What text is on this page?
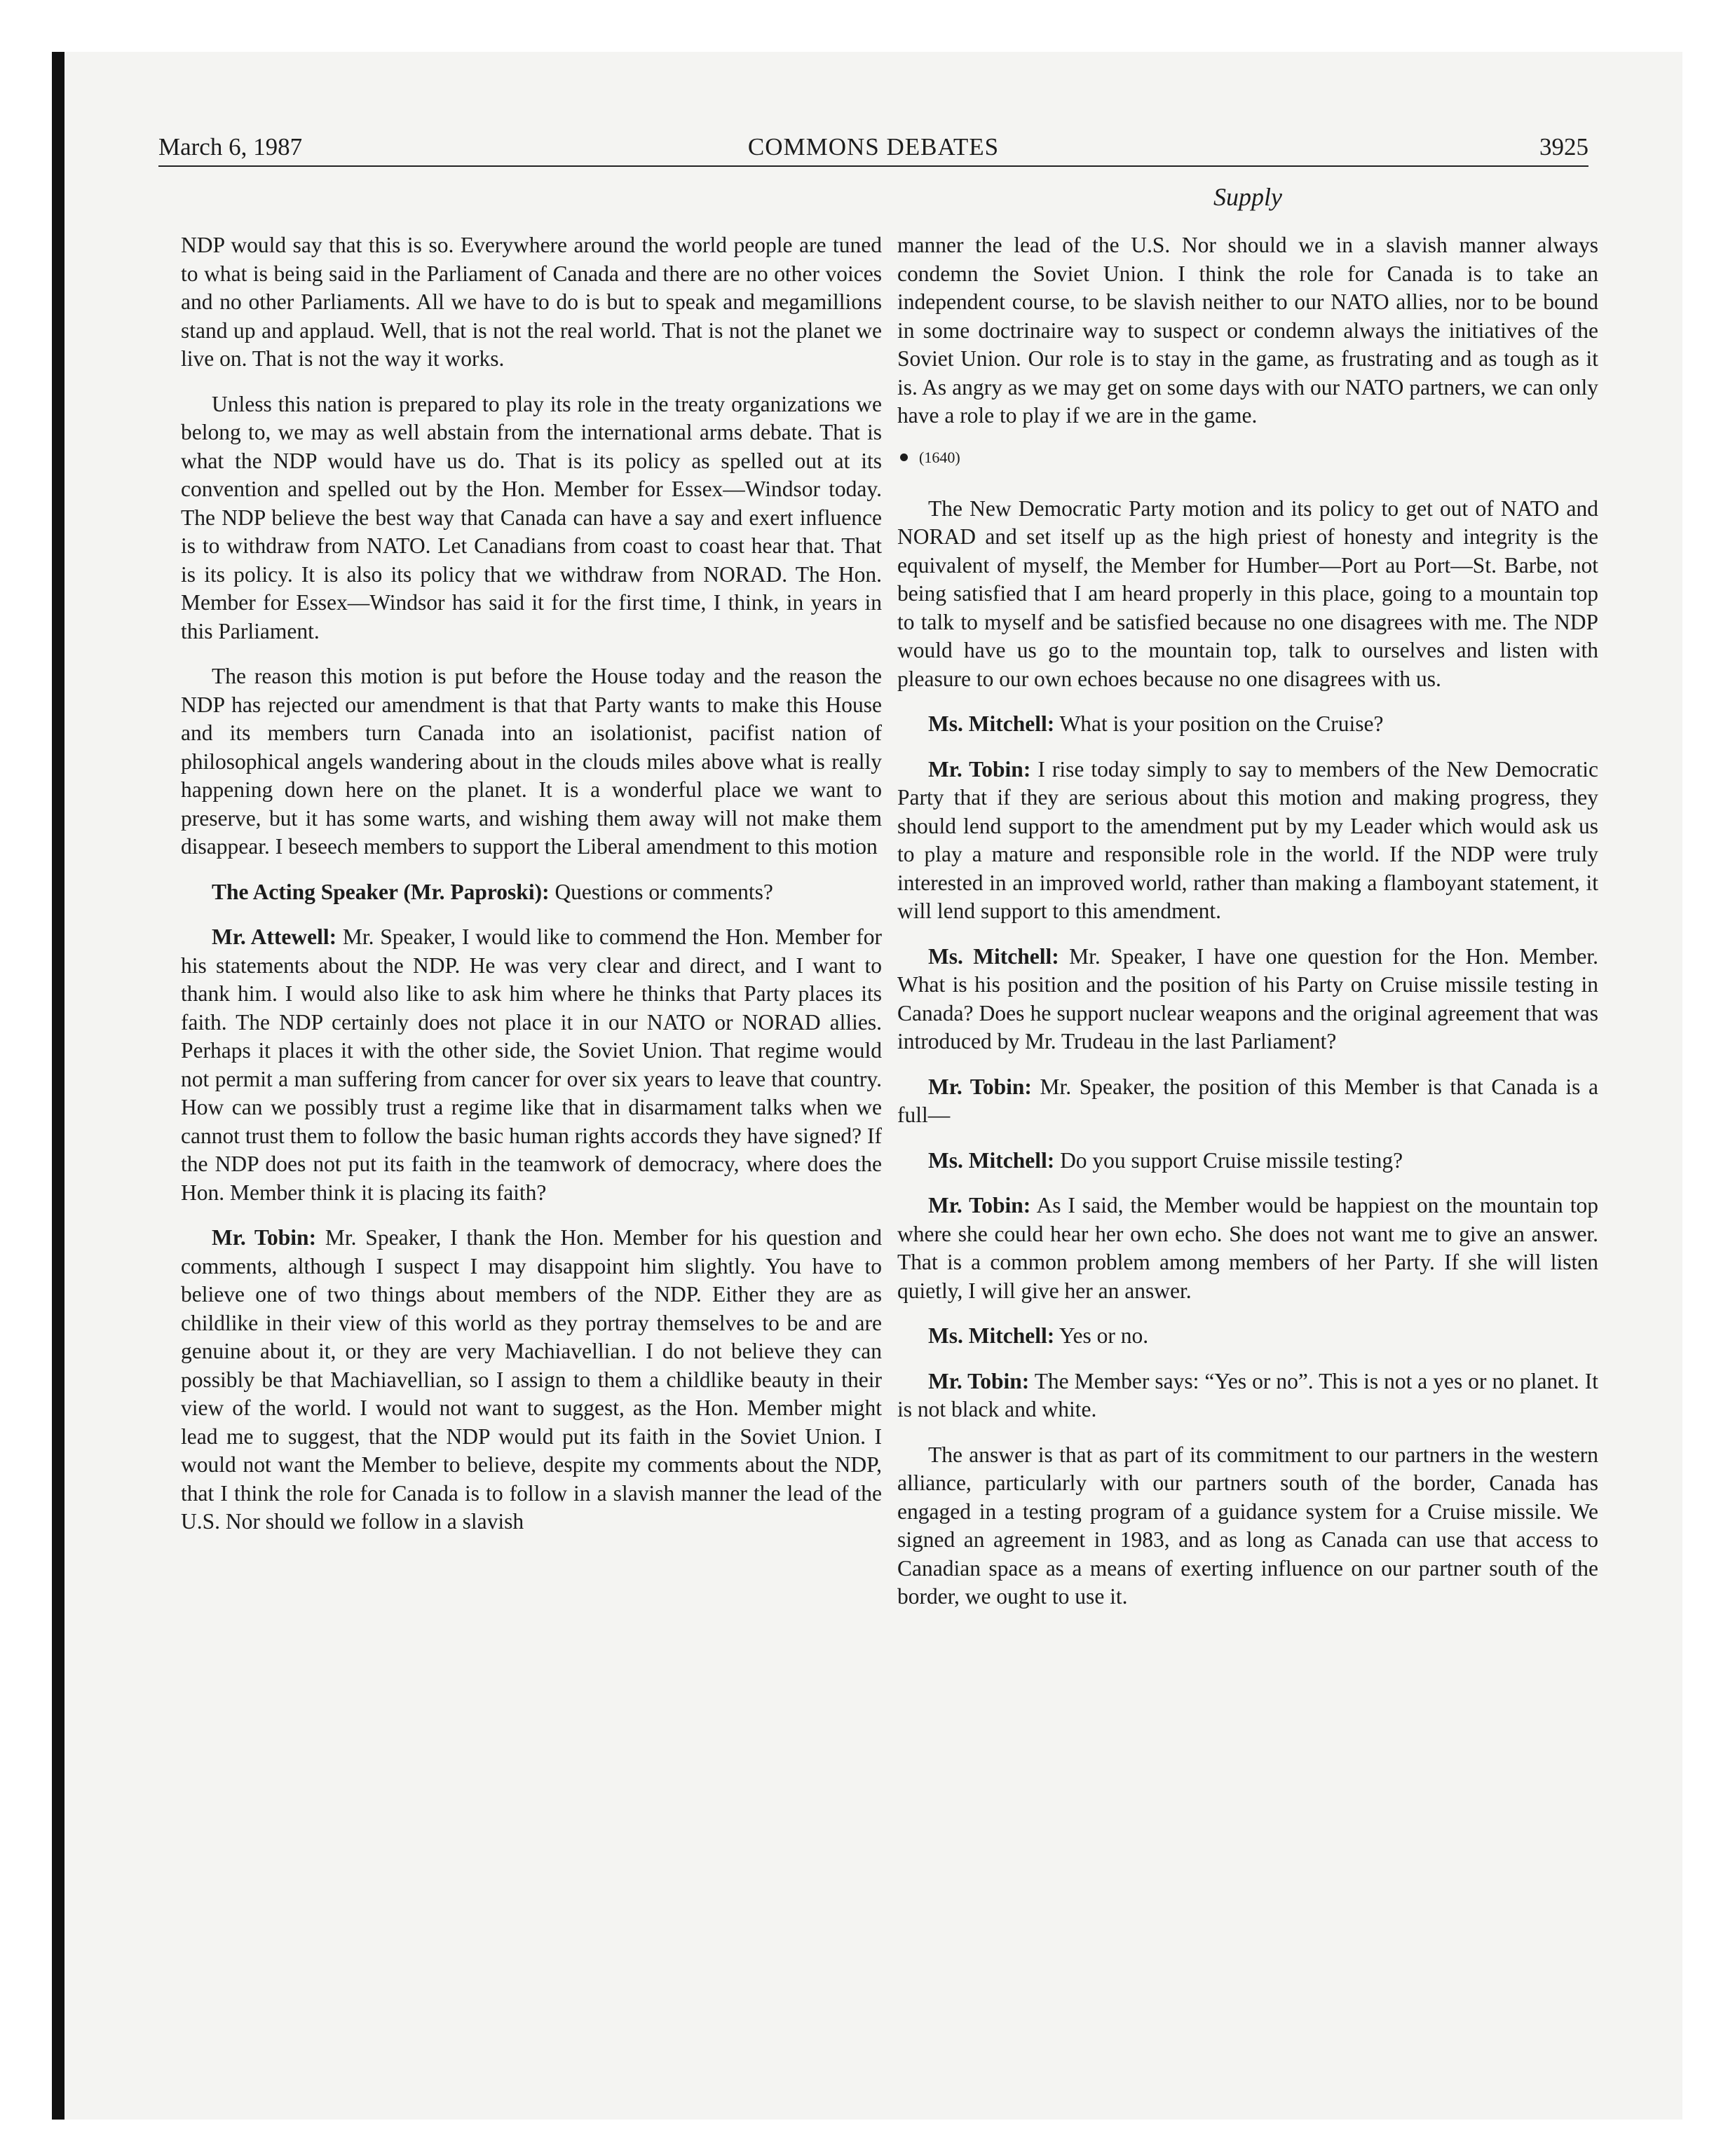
March 6, 1987	COMMONS DEBATES	3925
Supply

NDP would say that this is so. Everywhere around the world people are tuned to what is being said in the Parliament of Canada and there are no other voices and no other Parliaments. All we have to do is but to speak and megamillions stand up and applaud. Well, that is not the real world. That is not the planet we live on. That is not the way it works.

Unless this nation is prepared to play its role in the treaty organizations we belong to, we may as well abstain from the international arms debate. That is what the NDP would have us do. That is its policy as spelled out at its convention and spelled out by the Hon. Member for Essex—Windsor today. The NDP believe the best way that Canada can have a say and exert influence is to withdraw from NATO. Let Canadians from coast to coast hear that. That is its policy. It is also its policy that we withdraw from NORAD. The Hon. Member for Essex—Windsor has said it for the first time, I think, in years in this Parliament.

The reason this motion is put before the House today and the reason the NDP has rejected our amendment is that that Party wants to make this House and its members turn Canada into an isolationist, pacifist nation of philosophical angels wandering about in the clouds miles above what is really happening down here on the planet. It is a wonderful place we want to preserve, but it has some warts, and wishing them away will not make them disappear. I beseech members to support the Liberal amendment to this motion

The Acting Speaker (Mr. Paproski): Questions or comments?

Mr. Attewell: Mr. Speaker, I would like to commend the Hon. Member for his statements about the NDP. He was very clear and direct, and I want to thank him. I would also like to ask him where he thinks that Party places its faith. The NDP certainly does not place it in our NATO or NORAD allies. Perhaps it places it with the other side, the Soviet Union. That regime would not permit a man suffering from cancer for over six years to leave that country. How can we possibly trust a regime like that in disarmament talks when we cannot trust them to follow the basic human rights accords they have signed? If the NDP does not put its faith in the teamwork of democracy, where does the Hon. Member think it is placing its faith?

Mr. Tobin: Mr. Speaker, I thank the Hon. Member for his question and comments, although I suspect I may disappoint him slightly. You have to believe one of two things about members of the NDP. Either they are as childlike in their view of this world as they portray themselves to be and are genuine about it, or they are very Machiavellian. I do not believe they can possibly be that Machiavellian, so I assign to them a childlike beauty in their view of the world. I would not want to suggest, as the Hon. Member might lead me to suggest, that the NDP would put its faith in the Soviet Union. I would not want the Member to believe, despite my comments about the NDP, that I think the role for Canada is to follow in a slavish manner the lead of the U.S. Nor should we follow in a slavish

manner the lead of the U.S. Nor should we in a slavish manner always condemn the Soviet Union. I think the role for Canada is to take an independent course, to be slavish neither to our NATO allies, nor to be bound in some doctrinaire way to suspect or condemn always the initiatives of the Soviet Union. Our role is to stay in the game, as frustrating and as tough as it is. As angry as we may get on some days with our NATO partners, we can only have a role to play if we are in the game.

(1640)

The New Democratic Party motion and its policy to get out of NATO and NORAD and set itself up as the high priest of honesty and integrity is the equivalent of myself, the Member for Humber—Port au Port—St. Barbe, not being satisfied that I am heard properly in this place, going to a mountain top to talk to myself and be satisfied because no one disagrees with me. The NDP would have us go to the mountain top, talk to ourselves and listen with pleasure to our own echoes because no one disagrees with us.

Ms. Mitchell: What is your position on the Cruise?

Mr. Tobin: I rise today simply to say to members of the New Democratic Party that if they are serious about this motion and making progress, they should lend support to the amendment put by my Leader which would ask us to play a mature and responsible role in the world. If the NDP were truly interested in an improved world, rather than making a flamboyant statement, it will lend support to this amendment.

Ms. Mitchell: Mr. Speaker, I have one question for the Hon. Member. What is his position and the position of his Party on Cruise missile testing in Canada? Does he support nuclear weapons and the original agreement that was introduced by Mr. Trudeau in the last Parliament?

Mr. Tobin: Mr. Speaker, the position of this Member is that Canada is a full—

Ms. Mitchell: Do you support Cruise missile testing?

Mr. Tobin: As I said, the Member would be happiest on the mountain top where she could hear her own echo. She does not want me to give an answer. That is a common problem among members of her Party. If she will listen quietly, I will give her an answer.

Ms. Mitchell: Yes or no.

Mr. Tobin: The Member says: “Yes or no”. This is not a yes or no planet. It is not black and white.

The answer is that as part of its commitment to our partners in the western alliance, particularly with our partners south of the border, Canada has engaged in a testing program of a guidance system for a Cruise missile. We signed an agreement in 1983, and as long as Canada can use that access to Canadian space as a means of exerting influence on our partner south of the border, we ought to use it.
